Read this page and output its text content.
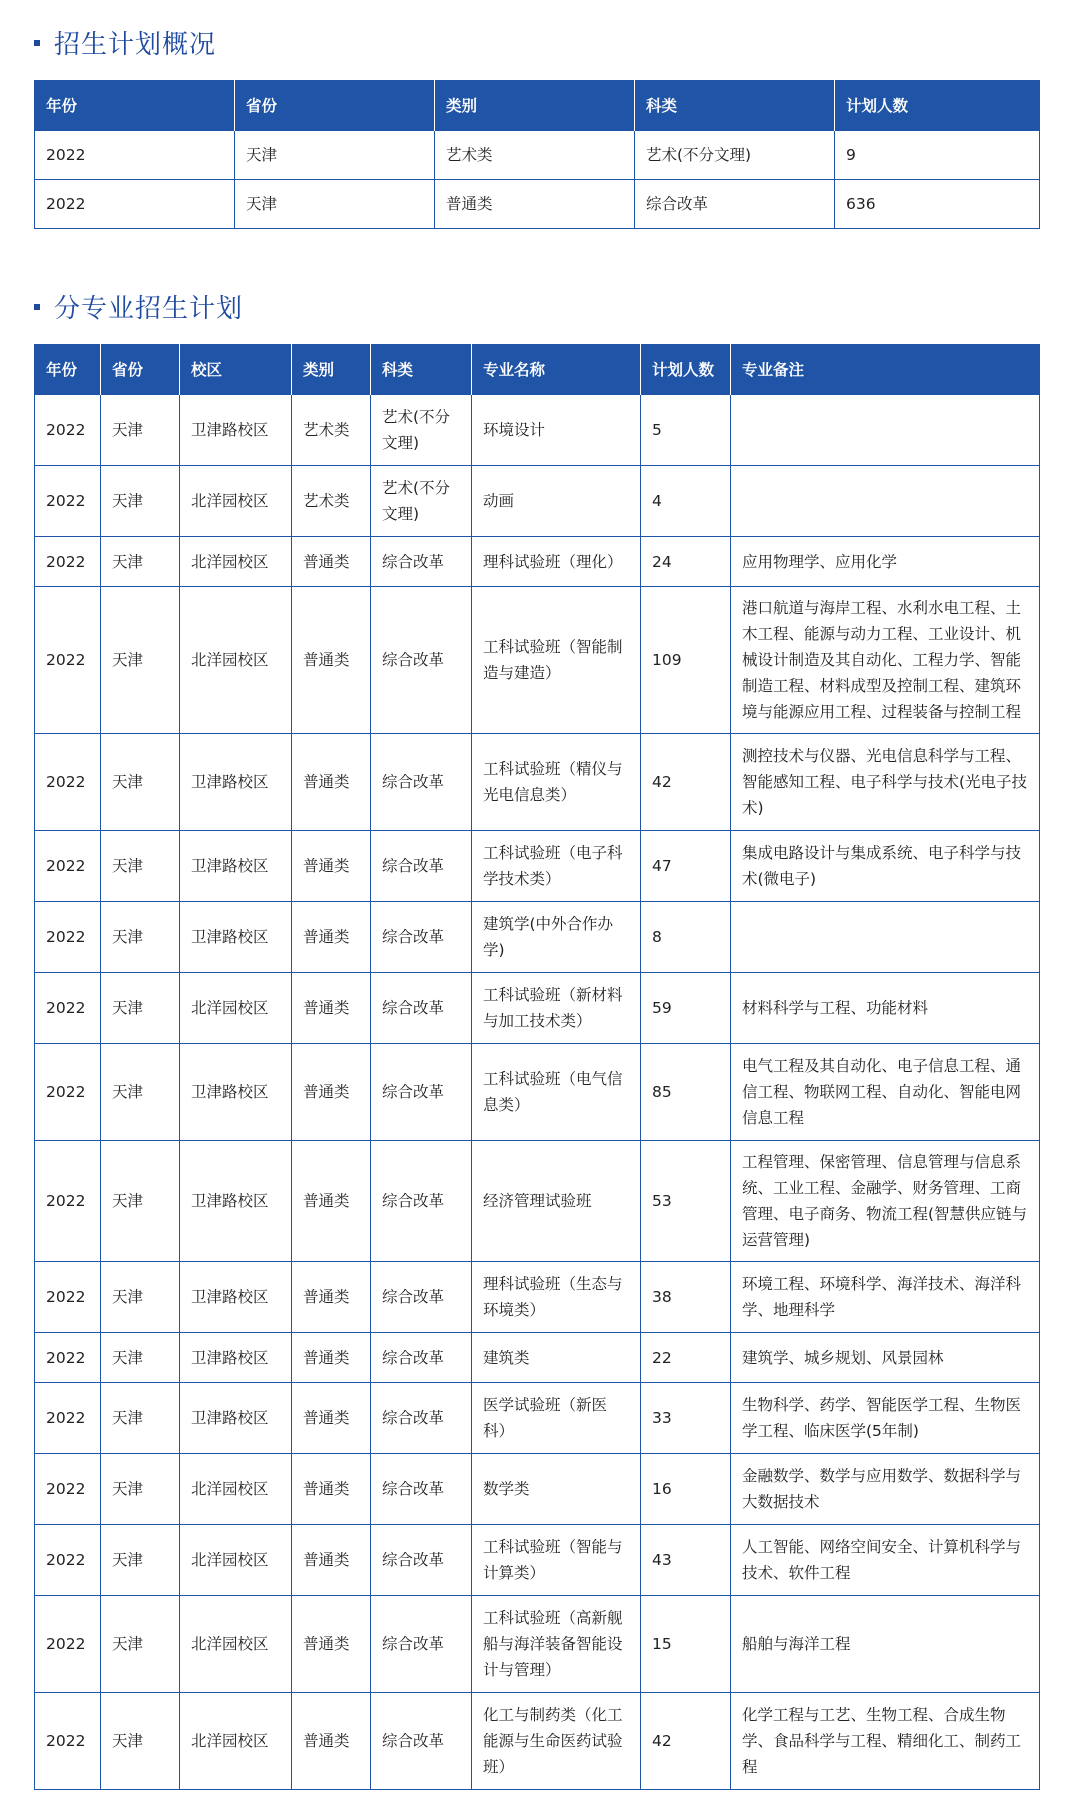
招生计划概况
年份	省份	类别	科类	计划人数
2022	天津	艺术类	艺术(不分文理)	9
2022	天津	普通类	综合改革	636
分专业招生计划
年份	省份	校区	类别	科类	专业名称	计划人数	专业备注
2022	天津	卫津路校区	艺术类	艺术(不分文理)	环境设计	5	
2022	天津	北洋园校区	艺术类	艺术(不分文理)	动画	4	
2022	天津	北洋园校区	普通类	综合改革	理科试验班（理化）	24	应用物理学、应用化学
2022	天津	北洋园校区	普通类	综合改革	工科试验班（智能制造与建造）	109	港口航道与海岸工程、水利水电工程、土木工程、能源与动力工程、工业设计、机械设计制造及其自动化、工程力学、智能制造工程、材料成型及控制工程、建筑环境与能源应用工程、过程装备与控制工程
2022	天津	卫津路校区	普通类	综合改革	工科试验班（精仪与光电信息类）	42	测控技术与仪器、光电信息科学与工程、智能感知工程、电子科学与技术(光电子技术)
2022	天津	卫津路校区	普通类	综合改革	工科试验班（电子科学技术类）	47	集成电路设计与集成系统、电子科学与技术(微电子)
2022	天津	卫津路校区	普通类	综合改革	建筑学(中外合作办学)	8	
2022	天津	北洋园校区	普通类	综合改革	工科试验班（新材料与加工技术类）	59	材料科学与工程、功能材料
2022	天津	卫津路校区	普通类	综合改革	工科试验班（电气信息类）	85	电气工程及其自动化、电子信息工程、通信工程、物联网工程、自动化、智能电网信息工程
2022	天津	卫津路校区	普通类	综合改革	经济管理试验班	53	工程管理、保密管理、信息管理与信息系统、工业工程、金融学、财务管理、工商管理、电子商务、物流工程(智慧供应链与运营管理)
2022	天津	卫津路校区	普通类	综合改革	理科试验班（生态与环境类）	38	环境工程、环境科学、海洋技术、海洋科学、地理科学
2022	天津	卫津路校区	普通类	综合改革	建筑类	22	建筑学、城乡规划、风景园林
2022	天津	卫津路校区	普通类	综合改革	医学试验班（新医科）	33	生物科学、药学、智能医学工程、生物医学工程、临床医学(5年制)
2022	天津	北洋园校区	普通类	综合改革	数学类	16	金融数学、数学与应用数学、数据科学与大数据技术
2022	天津	北洋园校区	普通类	综合改革	工科试验班（智能与计算类）	43	人工智能、网络空间安全、计算机科学与技术、软件工程
2022	天津	北洋园校区	普通类	综合改革	工科试验班（高新舰船与海洋装备智能设计与管理）	15	船舶与海洋工程
2022	天津	北洋园校区	普通类	综合改革	化工与制药类（化工能源与生命医药试验班）	42	化学工程与工艺、生物工程、合成生物学、食品科学与工程、精细化工、制药工程
